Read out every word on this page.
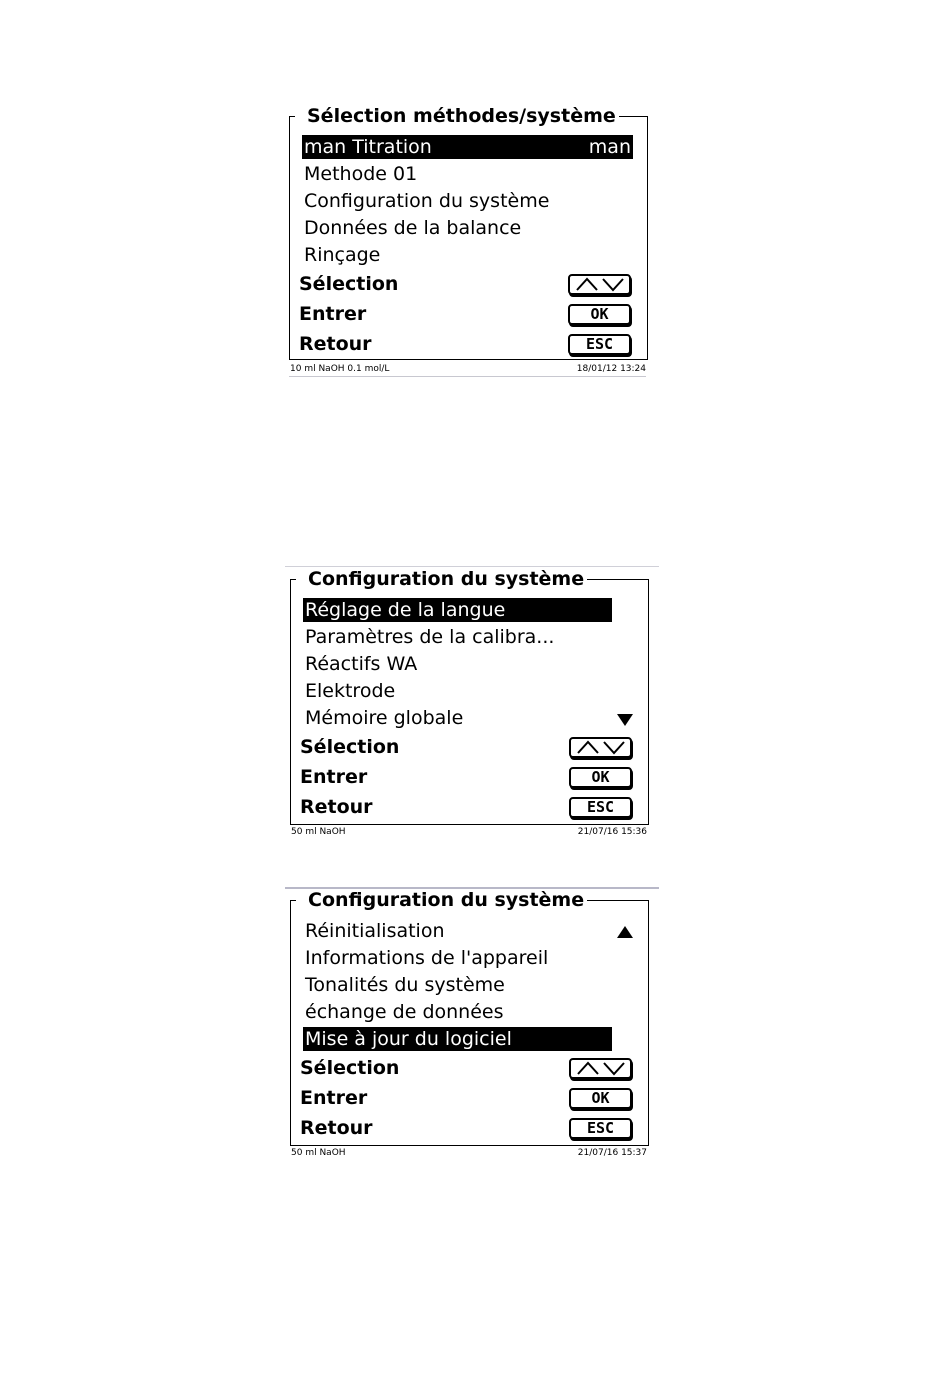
Sélection méthodes/système
man Titration	man
Methode 01
Configuration du système
Données de la balance
Rinçage
Sélection
Entrer	OK
Retour	ESC
10 ml NaOH 0.1 mol/L	18/01/12 13:24
Configuration du système
Réglage de la langue
Paramètres de la calibra...
Réactifs WA
Elektrode
Mémoire globale
Sélection
Entrer	OK
Retour	ESC
50 ml NaOH	21/07/16 15:36
Configuration du système
Réinitialisation
Informations de l'appareil
Tonalités du système
échange de données
Mise à jour du logiciel
Sélection
Entrer	OK
Retour	ESC
50 ml NaOH	21/07/16 15:37
